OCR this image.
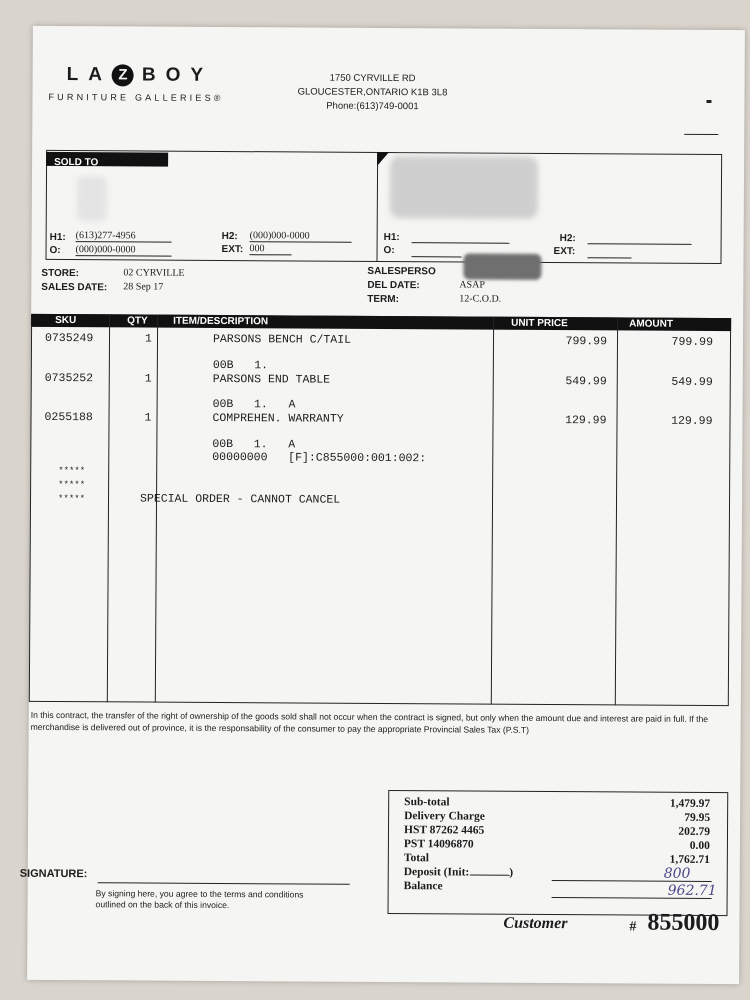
LA Z BOY
FURNITURE GALLERIES®
1750 CYRVILLE RD
GLOUCESTER,ONTARIO K1B 3L8
Phone:(613)749-0001
SOLD TO
H1: (613)277-4956	H2: (000)000-0000
O: (000)000-0000	EXT: 000
H1:
O:
H2:
EXT:
STORE:	02 CYRVILLE
SALES DATE: 28 Sep 17
SALESPERSO
DEL DATE:	ASAP
TERM:	12-C.O.D.
SKU	QTY	ITEM/DESCRIPTION	UNIT PRICE	AMOUNT
0735249	1	PARSONS BENCH C/TAIL	799.99	799.99
00B   1.
0735252	1	PARSONS END TABLE	549.99	549.99
00B   1.   A
0255188	1	COMPREHEN. WARRANTY	129.99	129.99
00B   1.   A
00000000   [F]:C855000:001:002:
*****
*****
*****	SPECIAL ORDER - CANNOT CANCEL
In this contract, the transfer of the right of ownership of the goods sold shall not occur when the contract is signed, but only when the amount due and interest are paid in full. If the merchandise is delivered out of province, it is the responsability of the consumer to pay the appropriate Provincial Sales Tax (P.S.T)
Sub-total	1,479.97
Delivery Charge	79.95
HST 87262 4465	202.79
PST 14096870	0.00
Total	1,762.71
Deposit (Init:	)	800
Balance	962.71
SIGNATURE:
By signing here, you agree to the terms and conditions
outlined on the back of this invoice.
Customer	# 855000
